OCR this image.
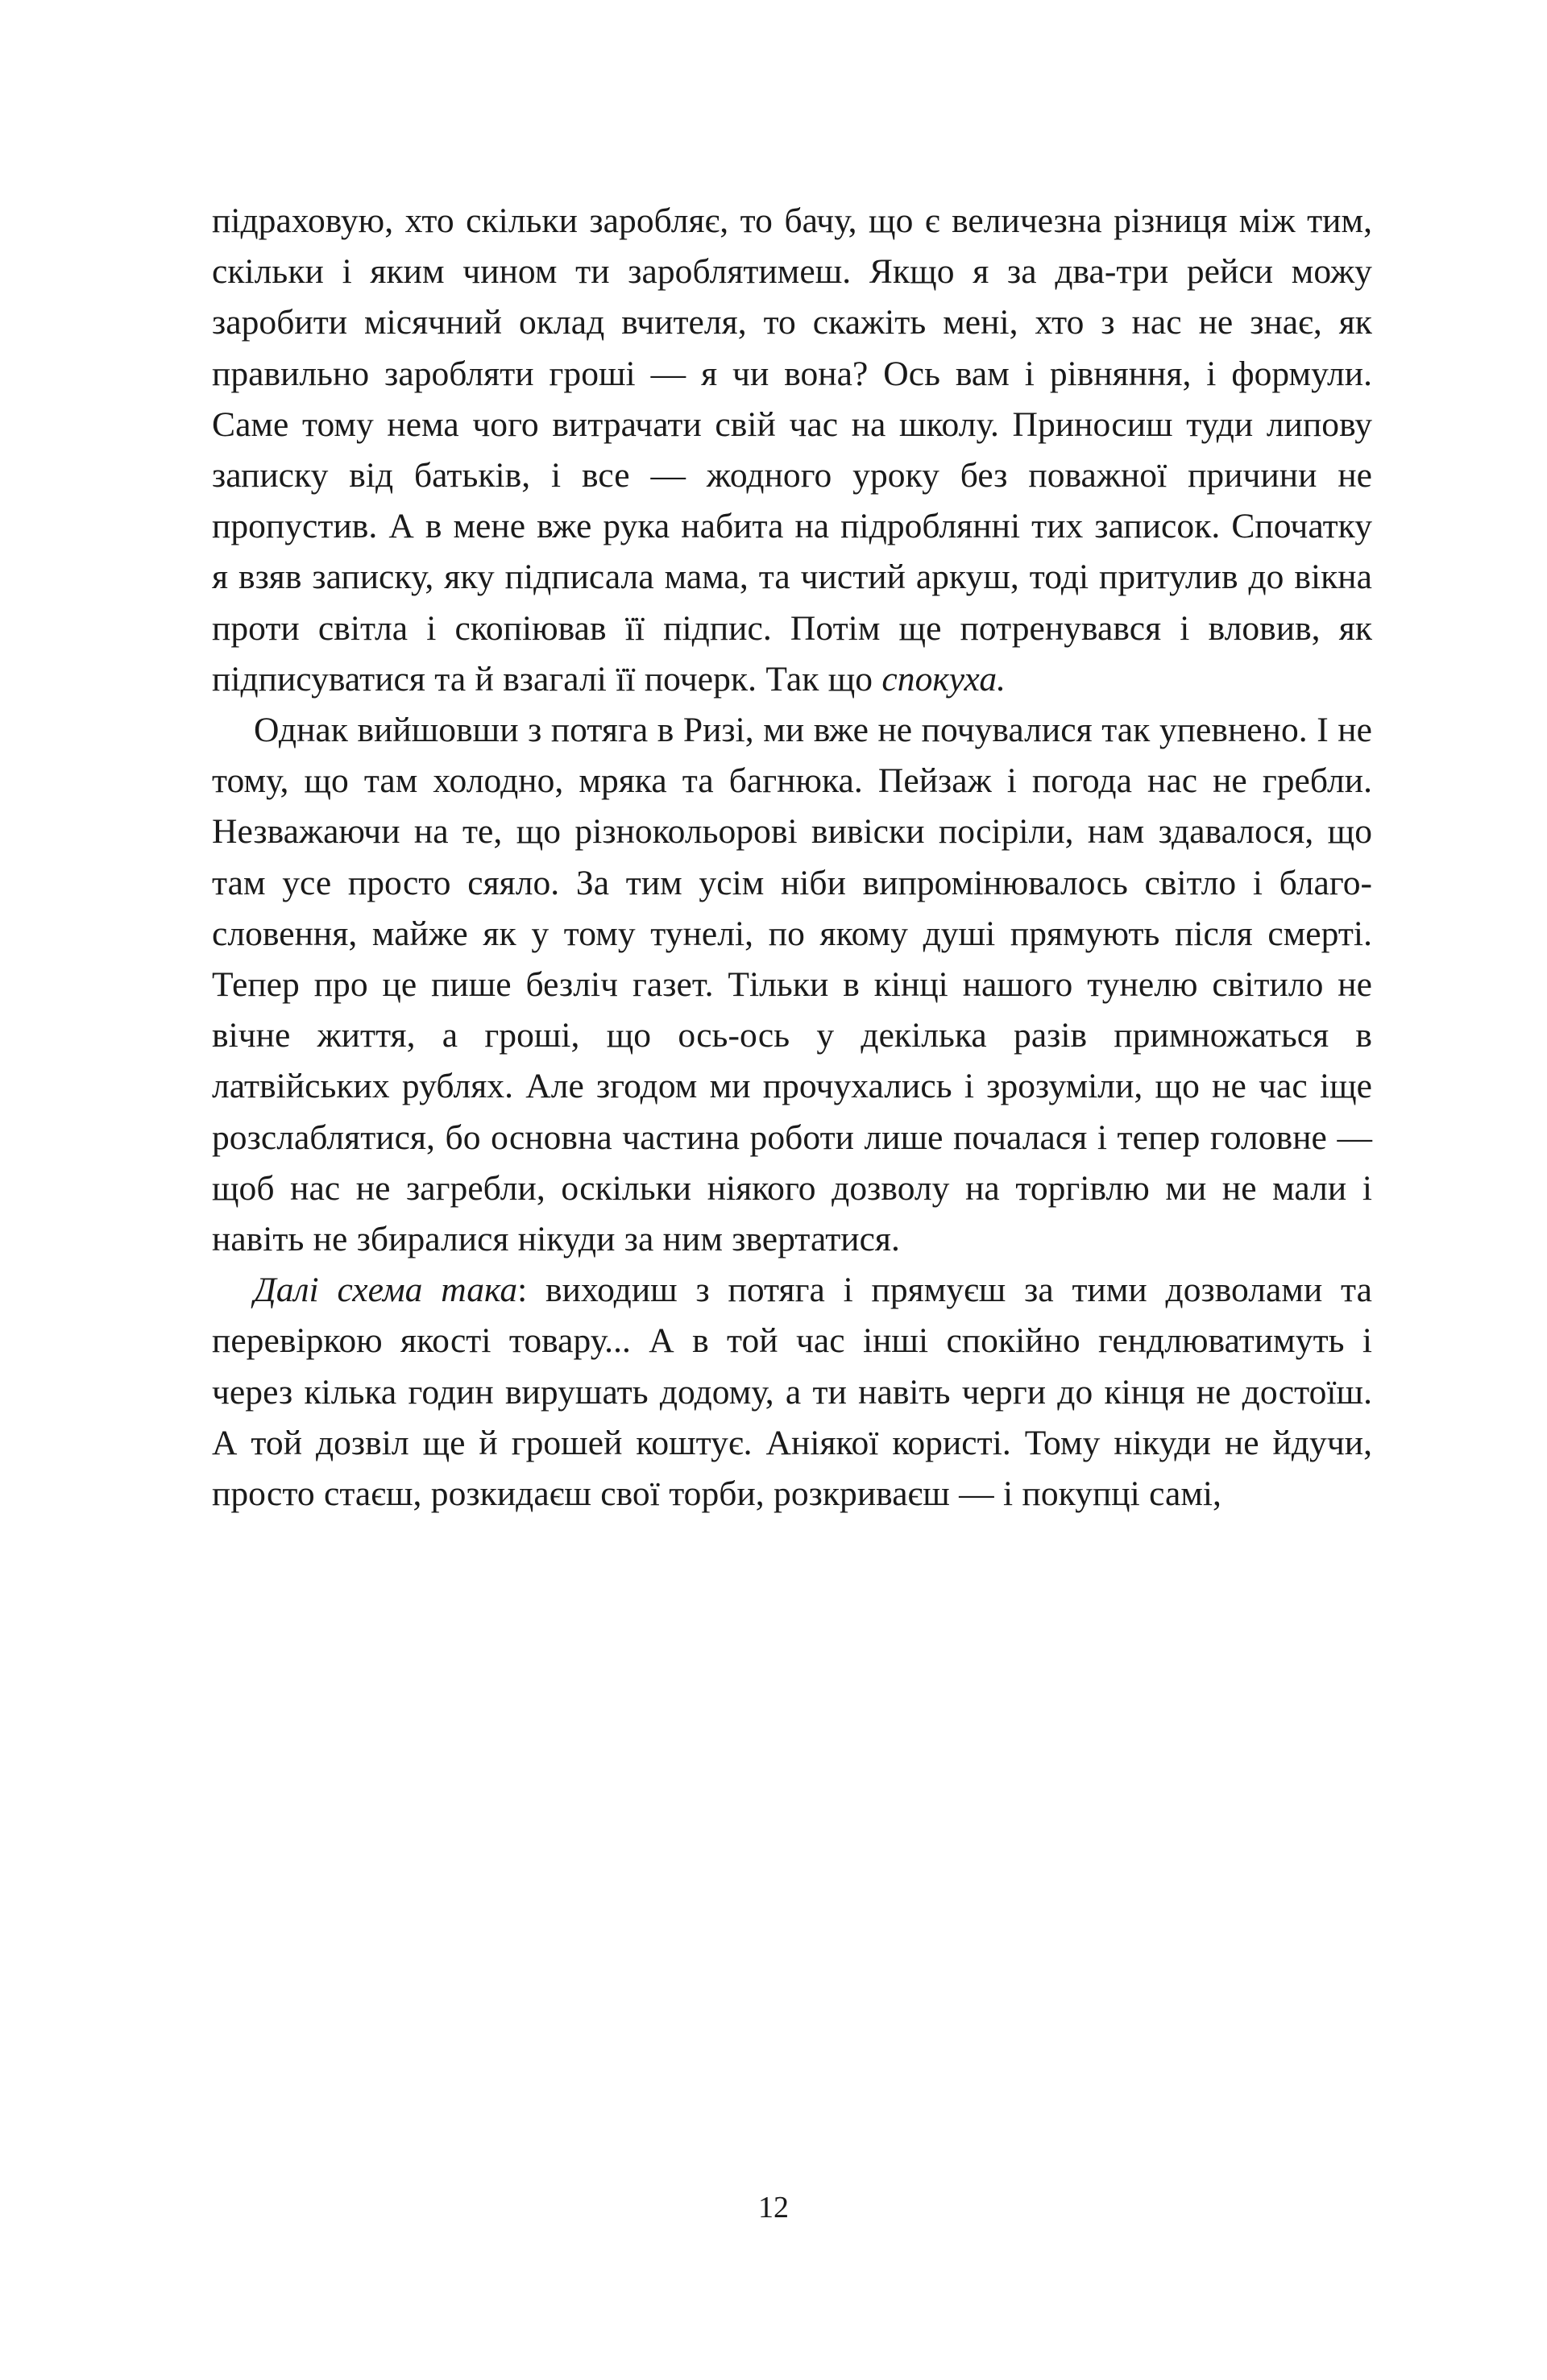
підраховую, хто скільки заробляє, то бачу, що є величезна різниця між тим, скільки і яким чином ти зароблятимеш. Якщо я за два-три рейси можу заробити місячний оклад вчителя, то скажіть мені, хто з нас не знає, як правильно заробляти гроші — я чи вона? Ось вам і рівняння, і формули. Саме тому нема чого витрачати свій час на школу. Приносиш туди липову записку від батьків, і все — жодного уроку без поважної причини не пропустив. А в мене вже рука набита на підроблянні тих записок. Спочатку я взяв записку, яку підписала мама, та чистий аркуш, тоді притулив до вікна проти світла і скопіював її підпис. Потім ще потренувався і вловив, як підписуватися та й взагалі її почерк. Так що спокуха.

Однак вийшовши з потяга в Ризі, ми вже не почувалися так упевнено. І не тому, що там холодно, мряка та багнюка. Пейзаж і погода нас не гребли. Незважаючи на те, що різнокольорові вивіски посіріли, нам здавалося, що там усе просто сяяло. За тим усім ніби випромінювалось світло і благословення, майже як у тому тунелі, по якому душі прямують після смерті. Тепер про це пише безліч газет. Тільки в кінці нашого тунелю світило не вічне життя, а гроші, що ось-ось у декілька разів примножаться в латвійських рублях. Але згодом ми прочухались і зрозуміли, що не час іще розслаблятися, бо основна частина роботи лише почалася і тепер головне — щоб нас не загребли, оскільки ніякого дозволу на торгівлю ми не мали і навіть не збиралися нікуди за ним звертатися.

Далі схема така: виходиш з потяга і прямуєш за тими дозволами та перевіркою якості товару... А в той час інші спокійно гендлюватимуть і через кілька годин вирушать додому, а ти навіть черги до кінця не достоїш. А той дозвіл ще й грошей коштує. Аніякої користі. Тому нікуди не йдучи, просто стаєш, розкидаєш свої торби, розкриваєш — і покупці самі,

12
